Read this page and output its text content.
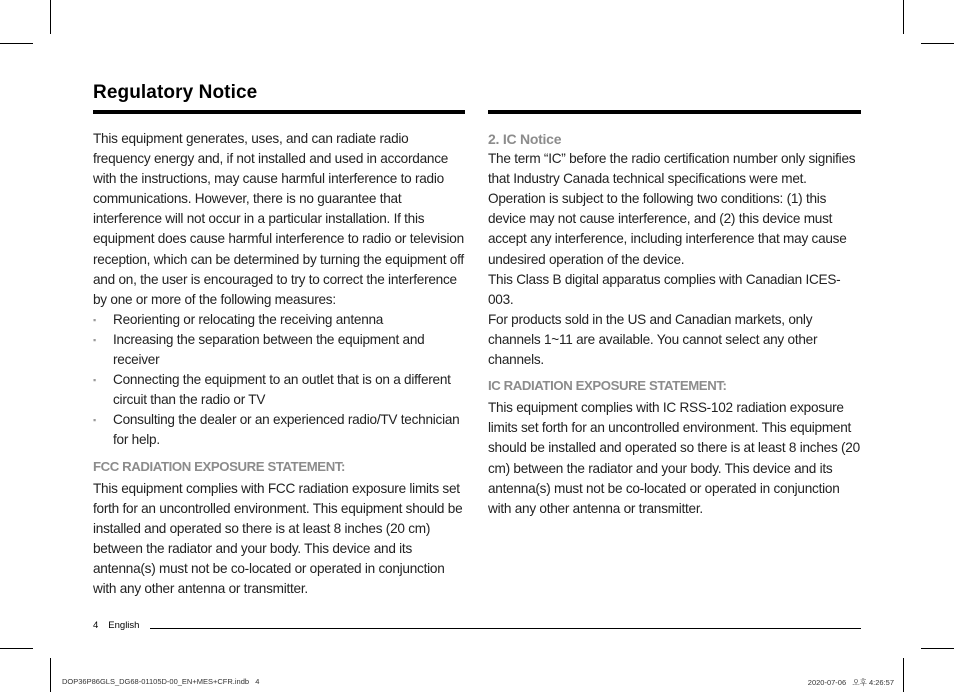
Regulatory Notice

This equipment generates, uses, and can radiate radio frequency energy and, if not installed and used in accordance with the instructions, may cause harmful interference to radio communications. However, there is no guarantee that interference will not occur in a particular installation. If this equipment does cause harmful interference to radio or television reception, which can be determined by turning the equipment off and on, the user is encouraged to try to correct the interference by one or more of the following measures:

▪ Reorienting or relocating the receiving antenna
▪ Increasing the separation between the equipment and receiver
▪ Connecting the equipment to an outlet that is on a different circuit than the radio or TV
▪ Consulting the dealer or an experienced radio/TV technician for help.
FCC RADIATION EXPOSURE STATEMENT:

This equipment complies with FCC radiation exposure limits set forth for an uncontrolled environment. This equipment should be installed and operated so there is at least 8 inches (20 cm) between the radiator and your body. This device and its antenna(s) must not be co-located or operated in conjunction with any other antenna or transmitter.

2. IC Notice

The term “IC” before the radio certification number only signifies that Industry Canada technical specifications were met. Operation is subject to the following two conditions: (1) this device may not cause interference, and (2) this device must accept any interference, including interference that may cause undesired operation of the device.

This Class B digital apparatus complies with Canadian ICES-003.

For products sold in the US and Canadian markets, only channels 1~11 are available. You cannot select any other channels.

IC RADIATION EXPOSURE STATEMENT:

This equipment complies with IC RSS-102 radiation exposure limits set forth for an uncontrolled environment. This equipment should be installed and operated so there is at least 8 inches (20 cm) between the radiator and your body. This device and its antenna(s) must not be co-located or operated in conjunction with any other antenna or transmitter.

4 English
DOP36P86GLS_DG68-01105D-00_EN+MES+CFR.indb   4	2020-07-06   오후 4:26:57
